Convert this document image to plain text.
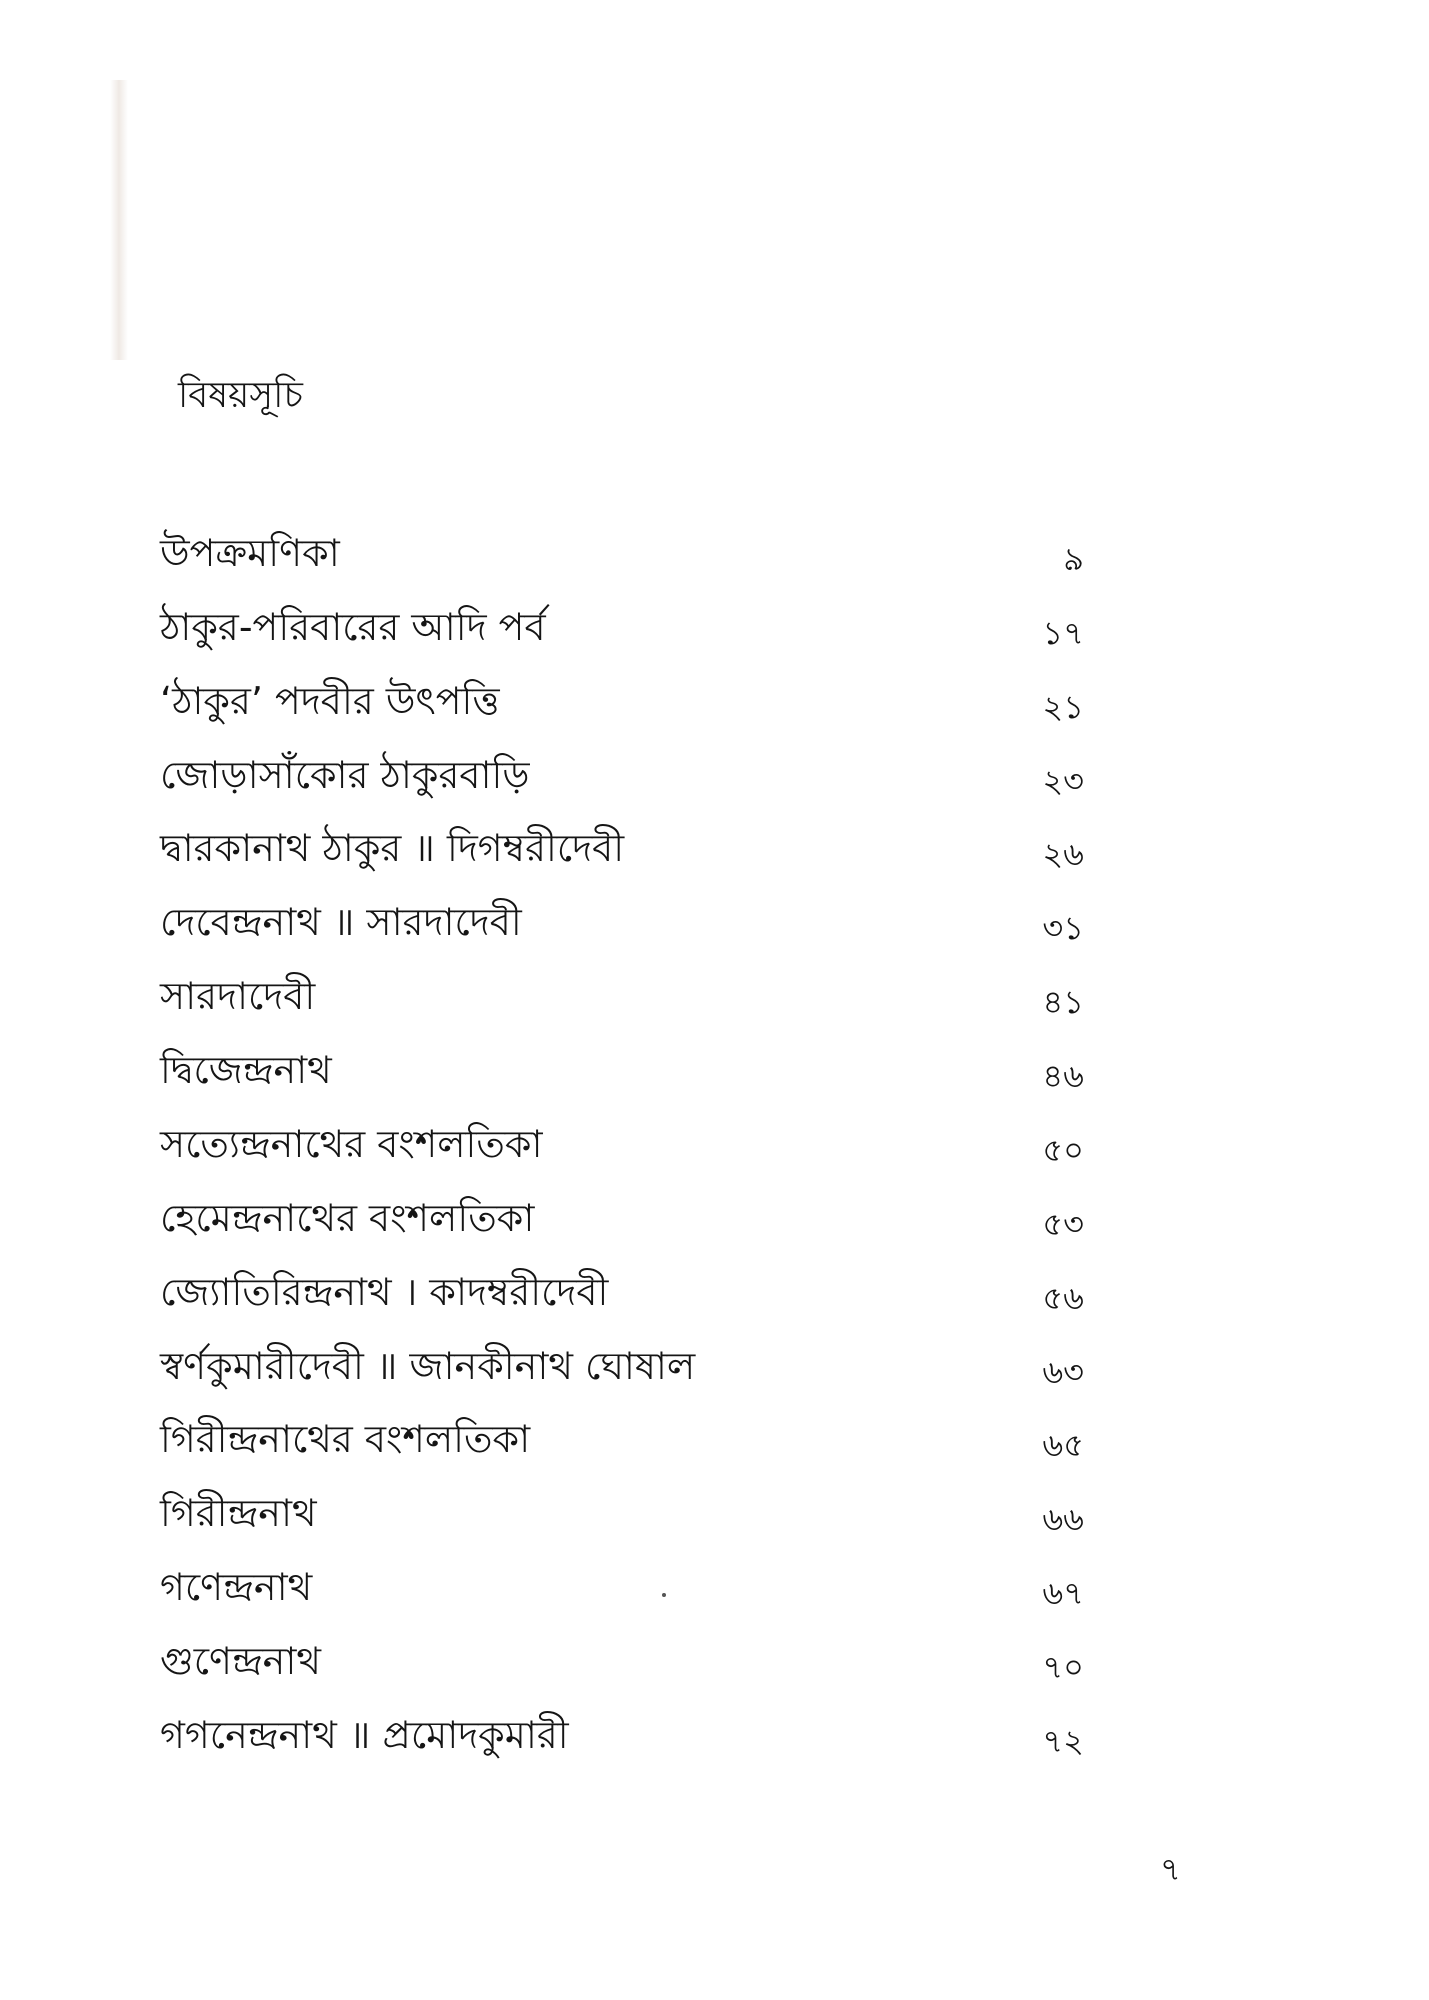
বিষয়সূচি
উপক্রমণিকা	৯
ঠাকুর-পরিবারের আদি পর্ব	১৭
‘ঠাকুর’ পদবীর উৎপত্তি	২১
জোড়াসাঁকোর ঠাকুরবাড়ি	২৩
দ্বারকানাথ ঠাকুর ॥ দিগম্বরীদেবী	২৬
দেবেন্দ্রনাথ ॥ সারদাদেবী	৩১
সারদাদেবী	৪১
দ্বিজেন্দ্রনাথ	৪৬
সত্যেন্দ্রনাথের বংশলতিকা	৫০
হেমেন্দ্রনাথের বংশলতিকা	৫৩
জ্যোতিরিন্দ্রনাথ । কাদম্বরীদেবী	৫৬
স্বর্ণকুমারীদেবী ॥ জানকীনাথ ঘোষাল	৬৩
গিরীন্দ্রনাথের বংশলতিকা	৬৫
গিরীন্দ্রনাথ	৬৬
গণেন্দ্রনাথ	৬৭
গুণেন্দ্রনাথ	৭০
গগনেন্দ্রনাথ ॥ প্রমোদকুমারী	৭২
৭
